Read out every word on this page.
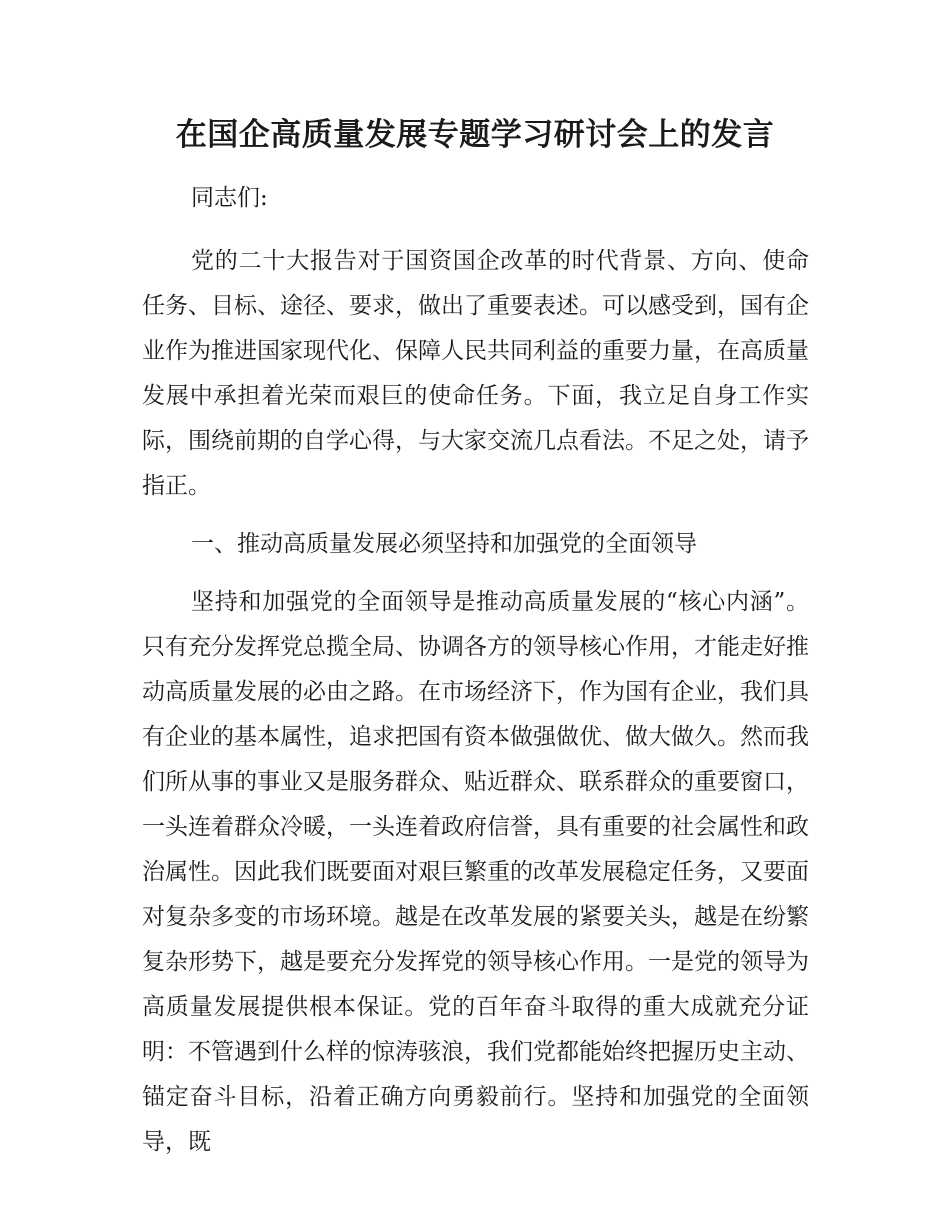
在国企高质量发展专题学习研讨会上的发言

同志们:

党的二十大报告对于国资国企改革的时代背景、方向、使命任务、目标、途径、要求，做出了重要表述。可以感受到，国有企业作为推进国家现代化、保障人民共同利益的重要力量，在高质量发展中承担着光荣而艰巨的使命任务。下面，我立足自身工作实际，围绕前期的自学心得，与大家交流几点看法。不足之处，请予指正。

一、推动高质量发展必须坚持和加强党的全面领导

坚持和加强党的全面领导是推动高质量发展的“核心内涵”。只有充分发挥党总揽全局、协调各方的领导核心作用，才能走好推动高质量发展的必由之路。在市场经济下，作为国有企业，我们具有企业的基本属性，追求把国有资本做强做优、做大做久。然而我们所从事的事业又是服务群众、贴近群众、联系群众的重要窗口，一头连着群众冷暖，一头连着政府信誉，具有重要的社会属性和政治属性。因此我们既要面对艰巨繁重的改革发展稳定任务，又要面对复杂多变的市场环境。越是在改革发展的紧要关头，越是在纷繁复杂形势下，越是要充分发挥党的领导核心作用。一是党的领导为高质量发展提供根本保证。党的百年奋斗取得的重大成就充分证明：不管遇到什么样的惊涛骇浪，我们党都能始终把握历史主动、锚定奋斗目标，沿着正确方向勇毅前行。坚持和加强党的全面领导，既
